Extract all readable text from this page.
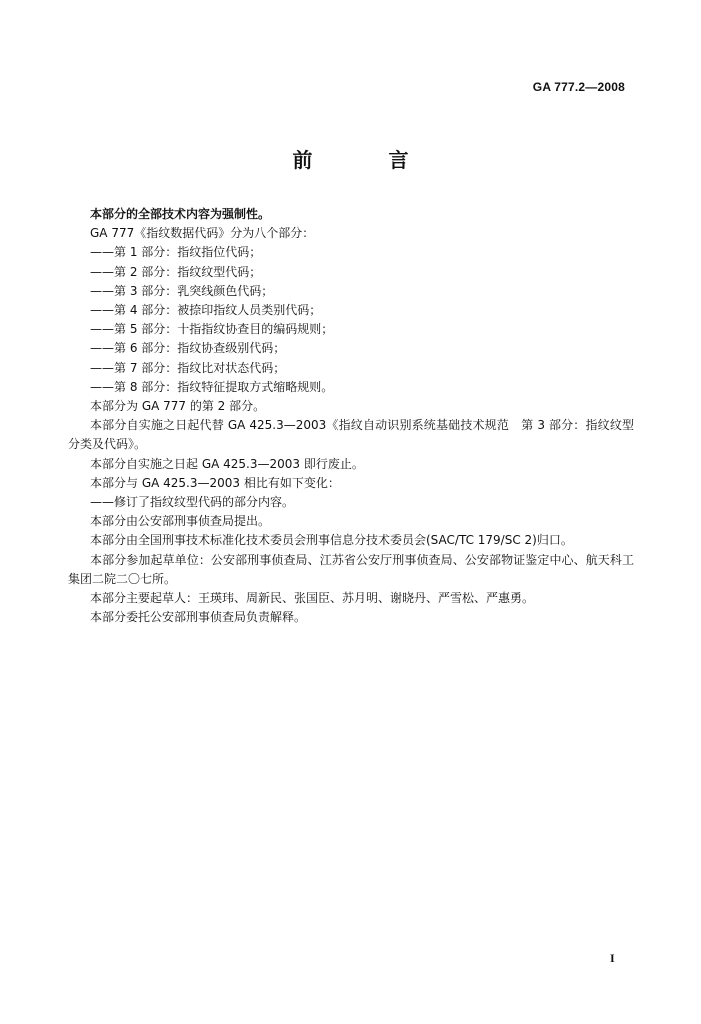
GA 777.2—2008
前　言

本部分的全部技术内容为强制性。

GA 777《指纹数据代码》分为八个部分：

——第 1 部分：指纹指位代码；

——第 2 部分：指纹纹型代码；

——第 3 部分：乳突线颜色代码；

——第 4 部分：被捺印指纹人员类别代码；

——第 5 部分：十指指纹协查目的编码规则；

——第 6 部分：指纹协查级别代码；

——第 7 部分：指纹比对状态代码；

——第 8 部分：指纹特征提取方式缩略规则。

本部分为 GA 777 的第 2 部分。

本部分自实施之日起代替 GA 425.3—2003《指纹自动识别系统基础技术规范　第 3 部分：指纹纹型分类及代码》。

本部分自实施之日起 GA 425.3—2003 即行废止。

本部分与 GA 425.3—2003 相比有如下变化：

——修订了指纹纹型代码的部分内容。

本部分由公安部刑事侦查局提出。

本部分由全国刑事技术标准化技术委员会刑事信息分技术委员会(SAC/TC 179/SC 2)归口。

本部分参加起草单位：公安部刑事侦查局、江苏省公安厅刑事侦查局、公安部物证鉴定中心、航天科工集团二院二〇七所。

本部分主要起草人：王瑛玮、周新民、张国臣、苏月明、谢晓丹、严雪松、严惠勇。

本部分委托公安部刑事侦查局负责解释。

I
